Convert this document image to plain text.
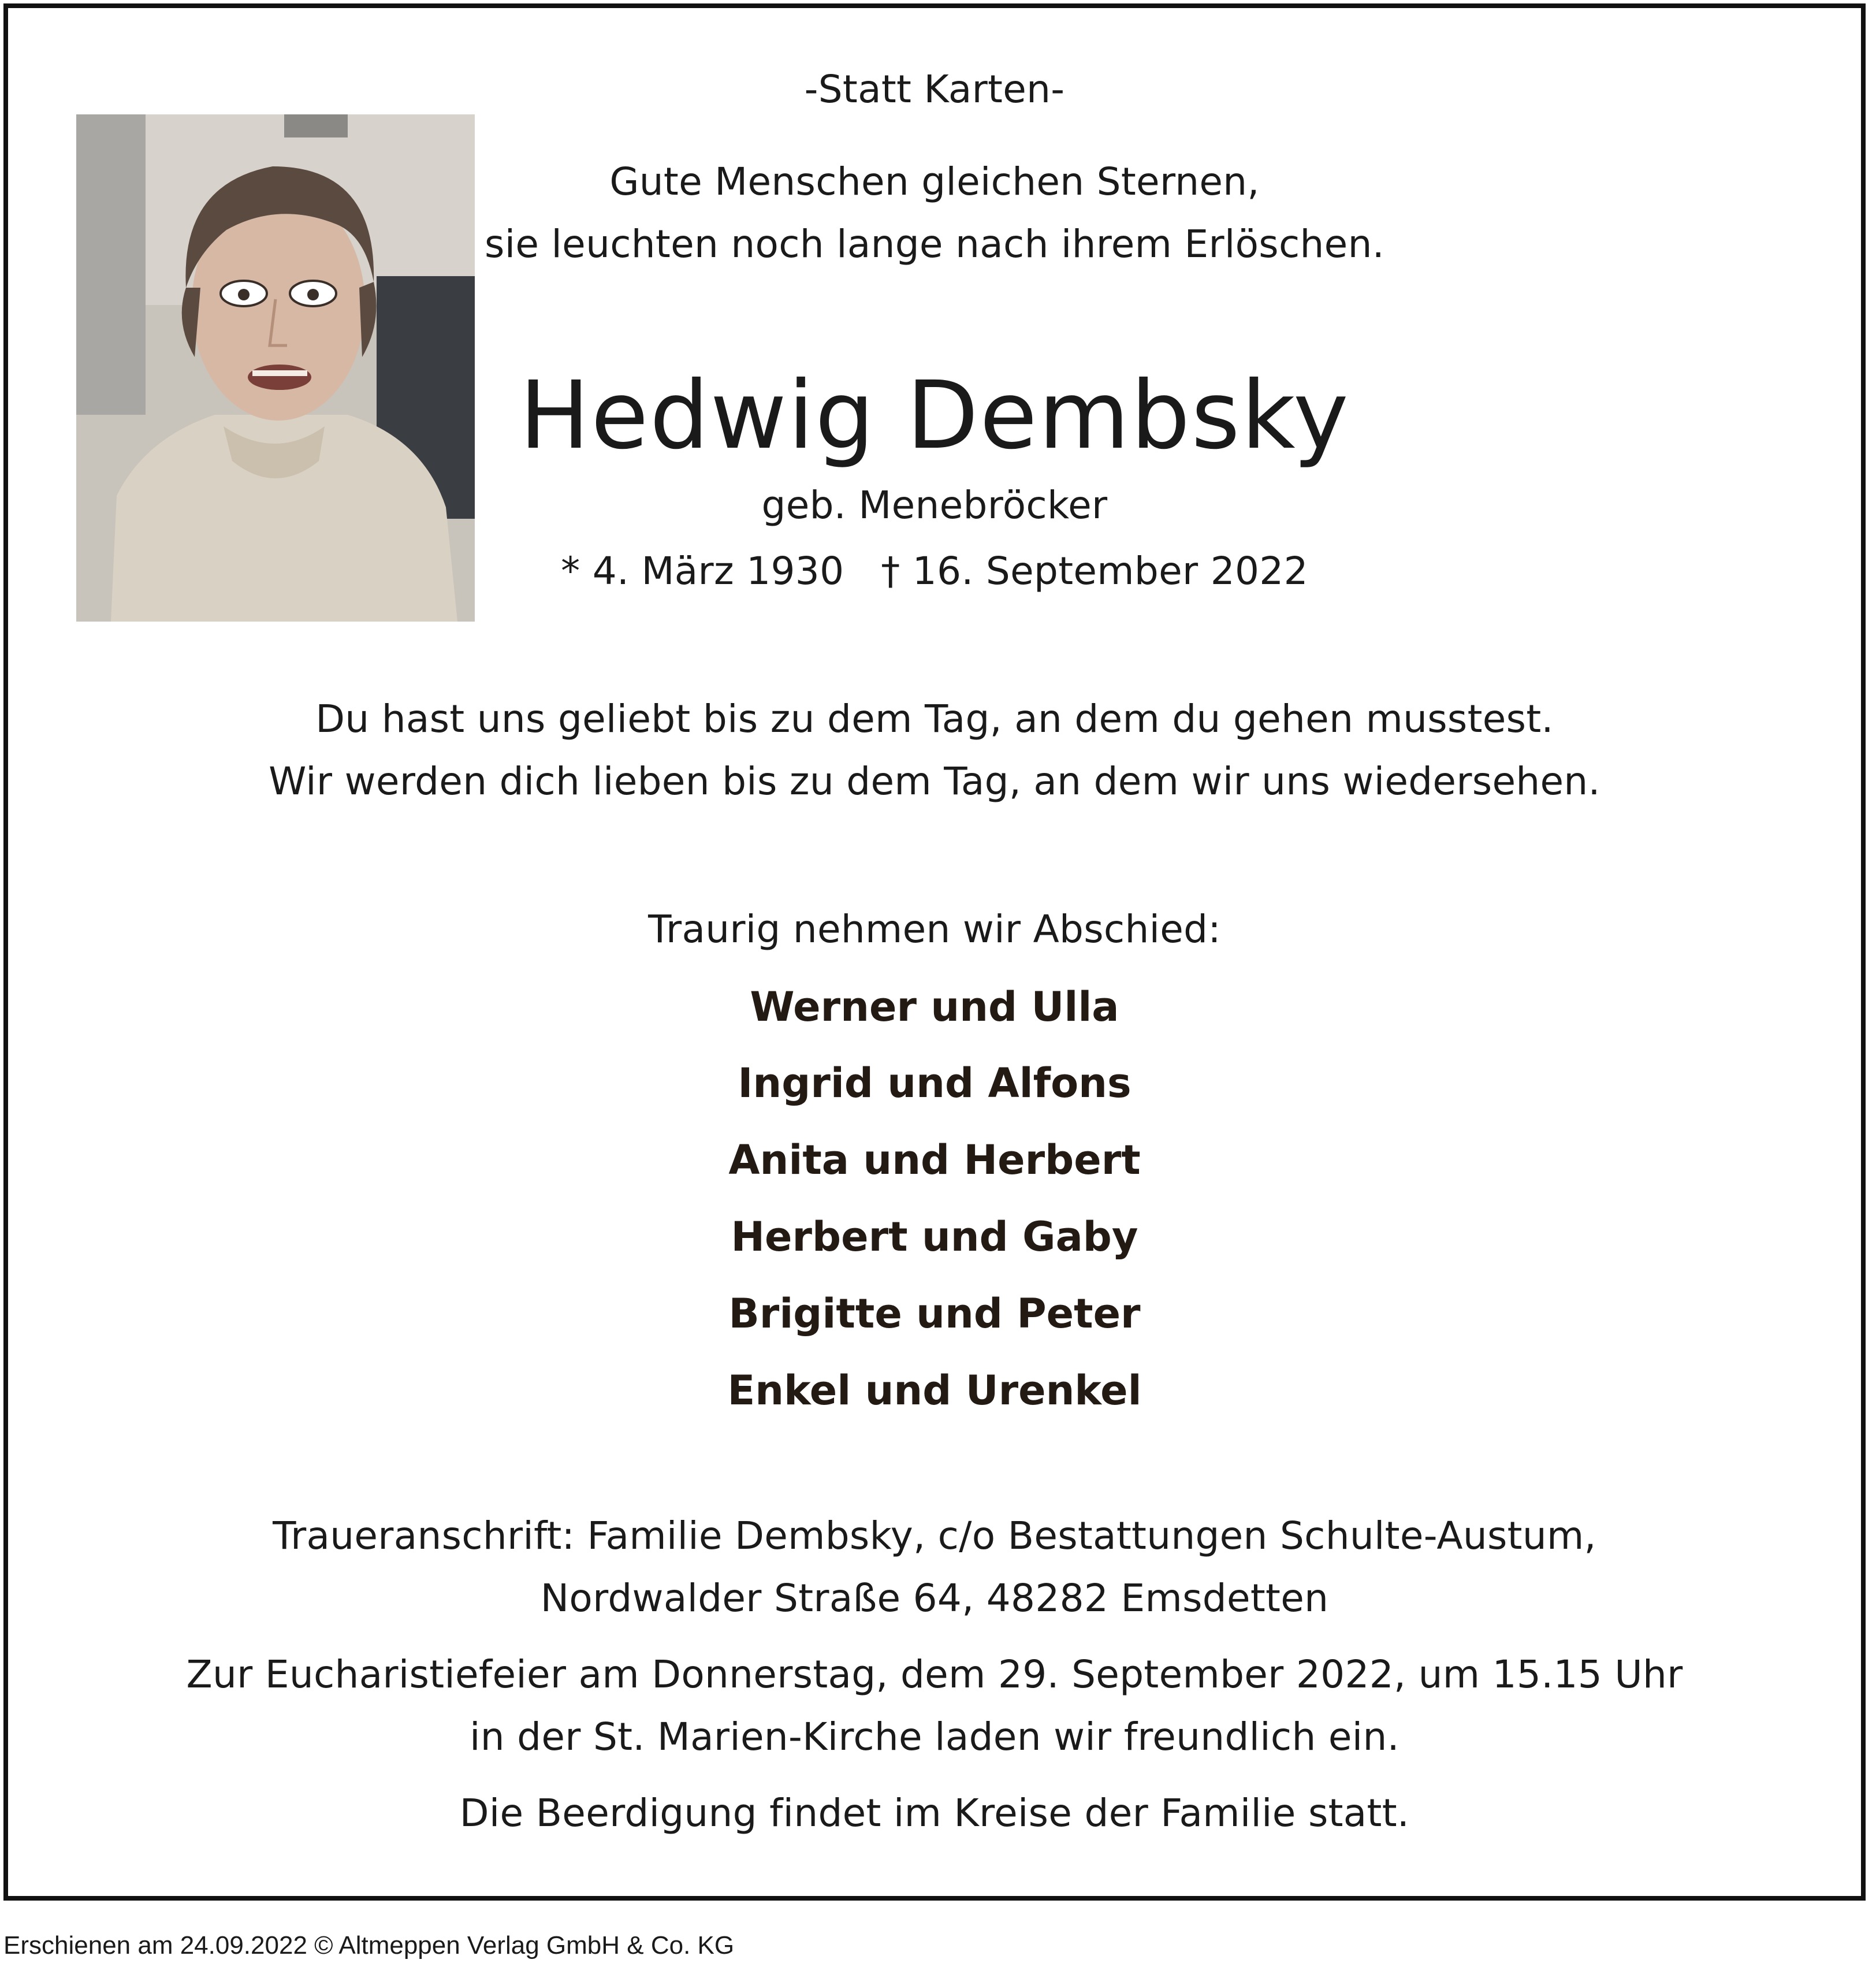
-Statt Karten-
Gute Menschen gleichen Sternen,
sie leuchten noch lange nach ihrem Erlöschen.
Hedwig Dembsky
geb. Menebröcker
* 4. März 1930   † 16. September 2022
Du hast uns geliebt bis zu dem Tag, an dem du gehen musstest.
Wir werden dich lieben bis zu dem Tag, an dem wir uns wiedersehen.
Traurig nehmen wir Abschied:
Werner und Ulla
Ingrid und Alfons
Anita und Herbert
Herbert und Gaby
Brigitte und Peter
Enkel und Urenkel
Traueranschrift: Familie Dembsky, c/o Bestattungen Schulte-Austum,
Nordwalder Straße 64, 48282 Emsdetten
Zur Eucharistiefeier am Donnerstag, dem 29. September 2022, um 15.15 Uhr
in der St. Marien-Kirche laden wir freundlich ein.
Die Beerdigung findet im Kreise der Familie statt.
Erschienen am 24.09.2022 © Altmeppen Verlag GmbH & Co. KG
